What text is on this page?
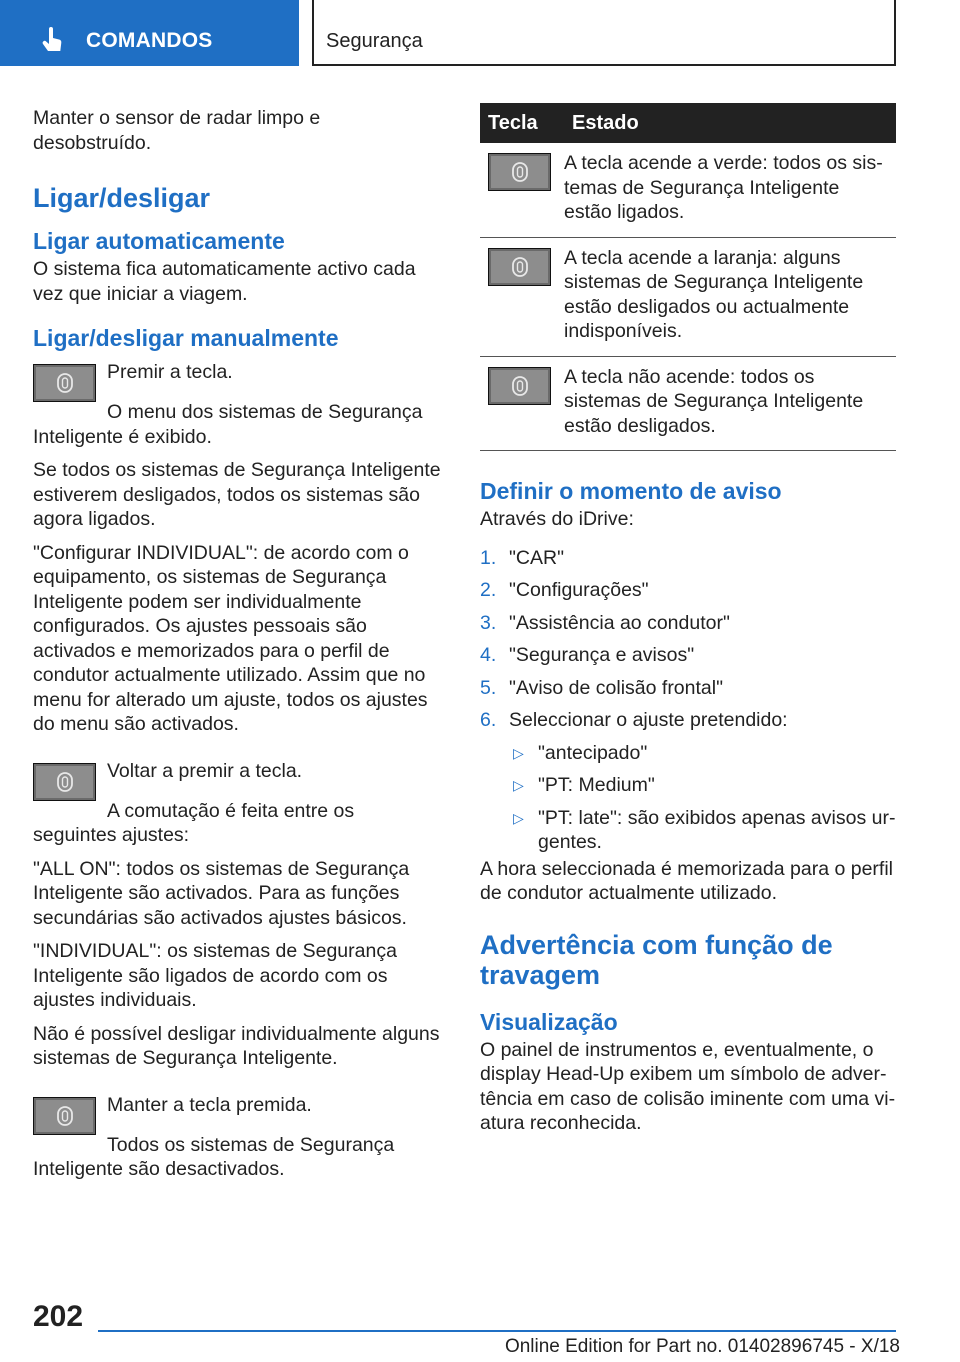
COMANDOS	Segurança

Manter o sensor de radar limpo e desobstruído.

Ligar/desligar
Ligar automaticamente

O sistema fica automaticamente activo cada vez que iniciar a viagem.

Ligar/desligar manualmente

Premir a tecla.

O menu dos sistemas de Segurança Inteligente é exibido.

Se todos os sistemas de Segurança Inteligente estiverem desligados, todos os sistemas são agora ligados.

"Configurar INDIVIDUAL": de acordo com o equipamento, os sistemas de Segurança Inteligente podem ser individualmente configurados. Os ajustes pessoais são activados e memorizados para o perfil de condutor actualmente utilizado. Assim que no menu for alterado um ajuste, todos os ajustes do menu são activados.

Voltar a premir a tecla.

A comutação é feita entre os seguintes ajustes:

"ALL ON": todos os sistemas de Segurança Inteligente são activados. Para as funções secundárias são activados ajustes básicos.

"INDIVIDUAL": os sistemas de Segurança Inteligente são ligados de acordo com os ajustes individuais.

Não é possível desligar individualmente alguns sistemas de Segurança Inteligente.

Manter a tecla premida.

Todos os sistemas de Segurança Inteligente são desactivados.

Tecla	Estado

	A tecla acende a verde: todos os sistemas de Segurança Inteligente estão ligados.

	A tecla acende a laranja: alguns sistemas de Segurança Inteligente estão desligados ou actualmente indisponíveis.

	A tecla não acende: todos os sistemas de Segurança Inteligente estão desligados.
Definir o momento de aviso

Através do iDrive:

1. "CAR"
2. "Configurações"
3. "Assistência ao condutor"
4. "Segurança e avisos"
5. "Aviso de colisão frontal"
6. Seleccionar o ajuste pretendido:
▷ "antecipado"
▷ "PT: Medium"
▷ "PT: late": são exibidos apenas avisos urgentes.

A hora seleccionada é memorizada para o perfil de condutor actualmente utilizado.

Advertência com função de travagem
Visualização

O painel de instrumentos e, eventualmente, o display Head-Up exibem um símbolo de advertência em caso de colisão iminente com uma viatura reconhecida.

202
Online Edition for Part no. 01402896745 - X/18
